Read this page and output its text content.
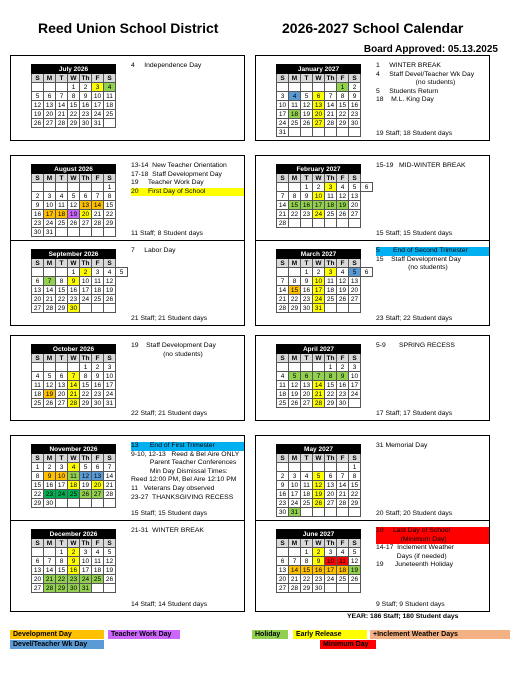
Reed Union School District	2026-2027 School Calendar
Board Approved: 05.13.2025
July 2026						
S	M	T	W	Th	F	S
			1	2	3	4
5	6	7	8	9	10	11
12	13	14	15	16	17	18
19	20	21	22	23	24	25
26	27	28	29	30	31	
4     Independence Day
August 2026						
S	M	T	W	Th	F	S
						1
2	3	4	5	6	7	8
9	10	11	12	13	14	15
16	17	18	19	20	21	22
23	24	25	26	27	28	29
30	31					
13-14  New Teacher Orientation
17-18  Staff Development Day
19     Teacher Work Day
20     First Day of School
11 Staff; 8 Student days
September 2026							
S	M	T	W	Th	F	S	
			1	2	3	4	5
6	7	8	9	10	11	12	
13	14	15	16	17	18	19	
20	21	22	23	24	25	26	
27	28	29	30				
7     Labor Day
21 Staff; 21 Student days
October 2026						
S	M	T	W	Th	F	S
				1	2	3
4	5	6	7	8	9	10
11	12	13	14	15	16	17
18	19	20	21	22	23	24
25	26	27	28	29	30	31
19    Staff Development Day
(no students)
22 Staff; 21 Student days
November 2026						
S	M	T	W	Th	F	S
1	2	3	4	5	6	7
8	9	10	11	12	13	14
15	16	17	18	19	20	21
22	23	24	25	26	27	28
29	30					
13      End of First Trimester
9-10, 12-13   Reed & Bel Aire ONLY
Parent Teacher Conferences
Min Day Dismissal Times:
Reed 12:00 PM, Bel Aire 12:10 PM
11   Veterans Day observed
23-27  THANKSGIVING RECESS
15 Staff; 15 Student days
December 2026						
S	M	T	W	Th	F	S
		1	2	3	4	5
6	7	8	9	10	11	12
13	14	15	16	17	18	19
20	21	22	23	24	25	26
27	28	29	30	31		
21-31  WINTER BREAK
14 Staff; 14 Student days
January 2027						
S	M	T	W	Th	F	S
					1	2
3	4	5	6	7	8	9
10	11	12	13	14	15	16
17	18	19	20	21	22	23
24	25	26	27	28	29	30
31						
1     WINTER BREAK
4     Staff Devel/Teacher Wk Day
(no students)
5     Students Return
18    M.L. King Day
19 Staff; 18 Student days
February 2027							
S	M	T	W	Th	F	S	
		1	2	3	4	5	6
7	8	9	10	11	12	13	
14	15	16	17	18	19	20	
21	22	23	24	25	26	27	
28							
15-19   MID-WINTER BREAK
15 Staff; 15 Student days
March 2027							
S	M	T	W	Th	F	S	
		1	2	3	4	5	6
7	8	9	10	11	12	13	
14	15	16	17	18	19	20	
21	22	23	24	25	26	27	
28	29	30	31				
5       End of Second Trimester
15    Staff Development Day
(no students)
23 Staff; 22 Student days
April 2027						
S	M	T	W	Th	F	S
				1	2	3
4	5	6	7	8	9	10
11	12	13	14	15	16	17
18	19	20	21	22	23	24
25	26	27	28	29	30	
5-9       SPRING RECESS
17 Staff; 17 Student days
May 2027						
S	M	T	W	Th	F	S
						1
2	3	4	5	6	7	8
9	10	11	12	13	14	15
16	17	18	19	20	21	22
23	24	25	26	27	28	29
30	31					
31 Memorial Day
20 Staff; 20 Student days
June 2027						
S	M	T	W	Th	F	S
		1	2	3	4	5
6	7	8	9	10	11	12
13	14	15	16	17	18	19
20	21	22	23	24	25	26
27	28	29	30			
10     Last Day of School
(Minimum Day)
14-17  Inclement Weather
Days (if needed)
19      Juneteenth Holiday
9 Staff; 9 Student days
YEAR: 186 Staff; 180 Student days
Development Day	Teacher Work Day	Holiday	Early Release	+Inclement Weather Days
Devel/Teacher Wk Day	Minimum Day
